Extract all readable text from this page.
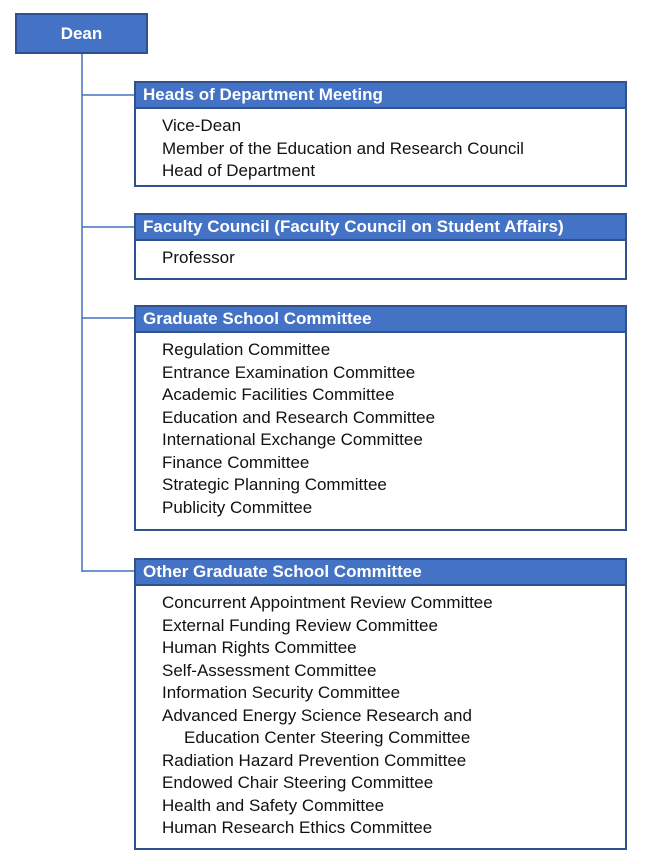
Dean
Heads of Department Meeting
Vice-Dean
Member of the Education and Research Council
Head of Department
Faculty Council (Faculty Council on Student Affairs)
Professor
Graduate School Committee
Regulation Committee
Entrance Examination Committee
Academic Facilities Committee
Education and Research Committee
International Exchange Committee
Finance Committee
Strategic Planning Committee
Publicity Committee
Other Graduate School Committee
Concurrent Appointment Review Committee
External Funding Review Committee
Human Rights Committee
Self-Assessment Committee
Information Security Committee
Advanced Energy Science Research and
Education Center Steering Committee
Radiation Hazard Prevention Committee
Endowed Chair Steering Committee
Health and Safety Committee
Human Research Ethics Committee
